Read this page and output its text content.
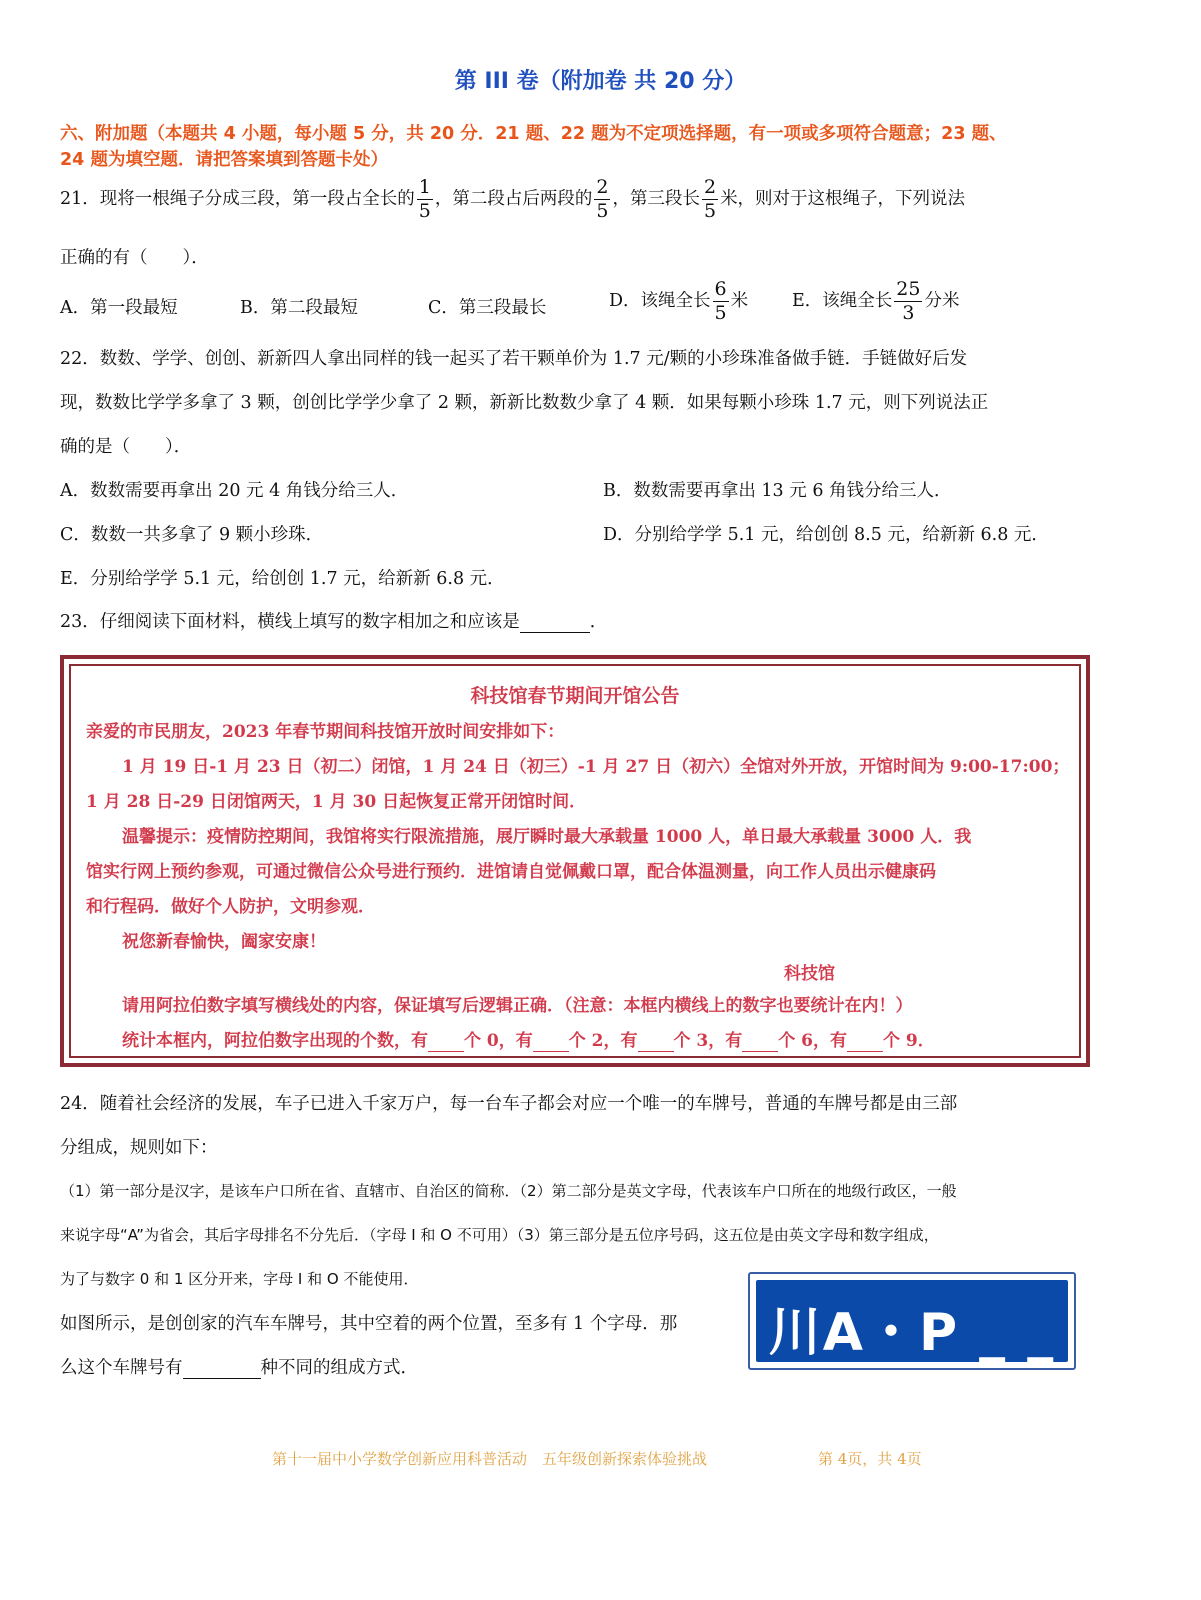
第 III 卷（附加卷 共 20 分）
六、附加题（本题共 4 小题，每小题 5 分，共 20 分．21 题、22 题为不定项选择题，有一项或多项符合题意；23 题、
24 题为填空题．请把答案填到答题卡处）
21．现将一根绳子分成三段，第一段占全长的 $\frac{1}{5}$ ，第二段占后两段的 $\frac{2}{5}$ ，第三段长 $\frac{2}{5}$ 米，则对于这根绳子，下列说法
正确的有（　　）．
A．第一段最短	B．第二段最短	C．第三段最长	D．该绳全长 $\frac{6}{5}$ 米	E．该绳全长 $\frac{25}{3}$ 分米
22．数数、学学、创创、新新四人拿出同样的钱一起买了若干颗单价为 1.7 元/颗的小珍珠准备做手链．手链做好后发
现，数数比学学多拿了 3 颗，创创比学学少拿了 2 颗，新新比数数少拿了 4 颗．如果每颗小珍珠 1.7 元，则下列说法正
确的是（　　）．
A．数数需要再拿出 20 元 4 角钱分给三人．	B．数数需要再拿出 13 元 6 角钱分给三人．
C．数数一共多拿了 9 颗小珍珠．	D．分别给学学 5.1 元，给创创 8.5 元，给新新 6.8 元．
E．分别给学学 5.1 元，给创创 1.7 元，给新新 6.8 元．
23．仔细阅读下面材料，横线上填写的数字相加之和应该是	．
科技馆春节期间开馆公告
亲爱的市民朋友，2023 年春节期间科技馆开放时间安排如下：
1 月 19 日-1 月 23 日（初二）闭馆，1 月 24 日（初三）-1 月 27 日（初六）全馆对外开放，开馆时间为 9:00-17:00；
1 月 28 日-29 日闭馆两天，1 月 30 日起恢复正常开闭馆时间．
温馨提示：疫情防控期间，我馆将实行限流措施，展厅瞬时最大承载量 1000 人，单日最大承载量 3000 人．我
馆实行网上预约参观，可通过微信公众号进行预约．进馆请自觉佩戴口罩，配合体温测量，向工作人员出示健康码
和行程码．做好个人防护，文明参观．
祝您新春愉快，阖家安康！
科技馆
请用阿拉伯数字填写横线处的内容，保证填写后逻辑正确．（注意：本框内横线上的数字也要统计在内！）
统计本框内，阿拉伯数字出现的个数，有 个 0，有 个 2，有 个 3，有 个 6，有 个 9．
24．随着社会经济的发展，车子已进入千家万户，每一台车子都会对应一个唯一的车牌号，普通的车牌号都是由三部
分组成，规则如下：
（1）第一部分是汉字，是该车户口所在省、直辖市、自治区的简称．（2）第二部分是英文字母，代表该车户口所在的地级行政区，一般
来说字母“A”为省会，其后字母排名不分先后．（字母 I 和 O 不可用）（3）第三部分是五位序号码，这五位是由英文字母和数字组成，
为了与数字 0 和 1 区分开来，字母 I 和 O 不能使用．
如图所示，是创创家的汽车车牌号，其中空着的两个位置，至多有 1 个字母．那
么这个车牌号有	种不同的组成方式．
川A・P _ _ 51
第十一届中小学数学创新应用科普活动　五年级创新探索体验挑战	第 4页，共 4页
